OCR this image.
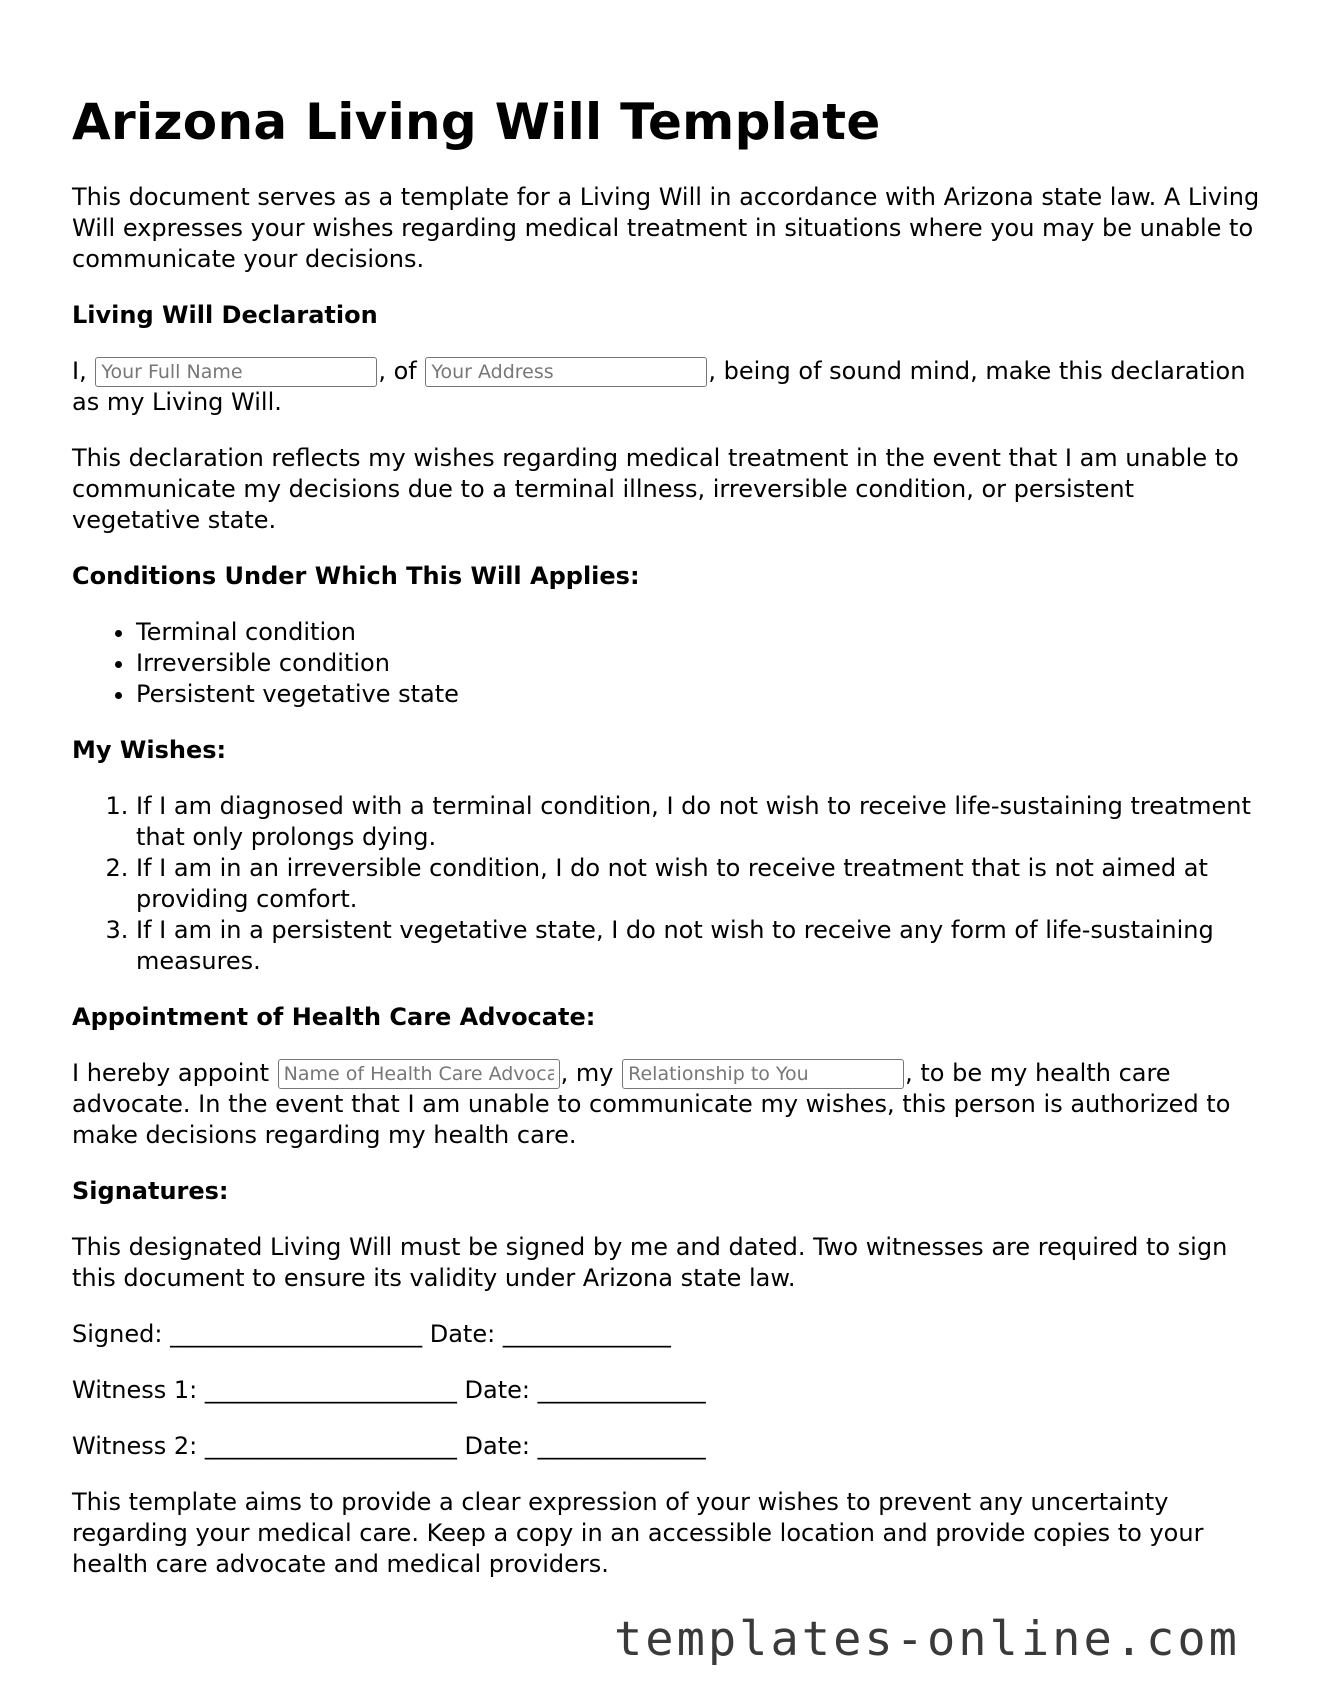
Arizona Living Will Template

This document serves as a template for a Living Will in accordance with Arizona state law. A Living Will expresses your wishes regarding medical treatment in situations where you may be unable to communicate your decisions.

Living Will Declaration

I, Your Full Name	, of Your Address	, being of sound mind, make this declaration as my Living Will.

This declaration reflects my wishes regarding medical treatment in the event that I am unable to communicate my decisions due to a terminal illness, irreversible condition, or persistent vegetative state.

Conditions Under Which This Will Applies:
• Terminal condition
• Irreversible condition
• Persistent vegetative state
My Wishes:
1. If I am diagnosed with a terminal condition, I do not wish to receive life-sustaining treatment that only prolongs dying.
2. If I am in an irreversible condition, I do not wish to receive treatment that is not aimed at providing comfort.
3. If I am in a persistent vegetative state, I do not wish to receive any form of life-sustaining measures.
Appointment of Health Care Advocate:

I hereby appoint Name of Health Care Advocate	, my Relationship to You	, to be my health care advocate. In the event that I am unable to communicate my wishes, this person is authorized to make decisions regarding my health care.

Signatures:

This designated Living Will must be signed by me and dated. Two witnesses are required to sign this document to ensure its validity under Arizona state law.

Signed: _____________________ Date: ______________

Witness 1: _____________________ Date: ______________

Witness 2: _____________________ Date: ______________

This template aims to provide a clear expression of your wishes to prevent any uncertainty regarding your medical care. Keep a copy in an accessible location and provide copies to your health care advocate and medical providers.

templates-online.com
